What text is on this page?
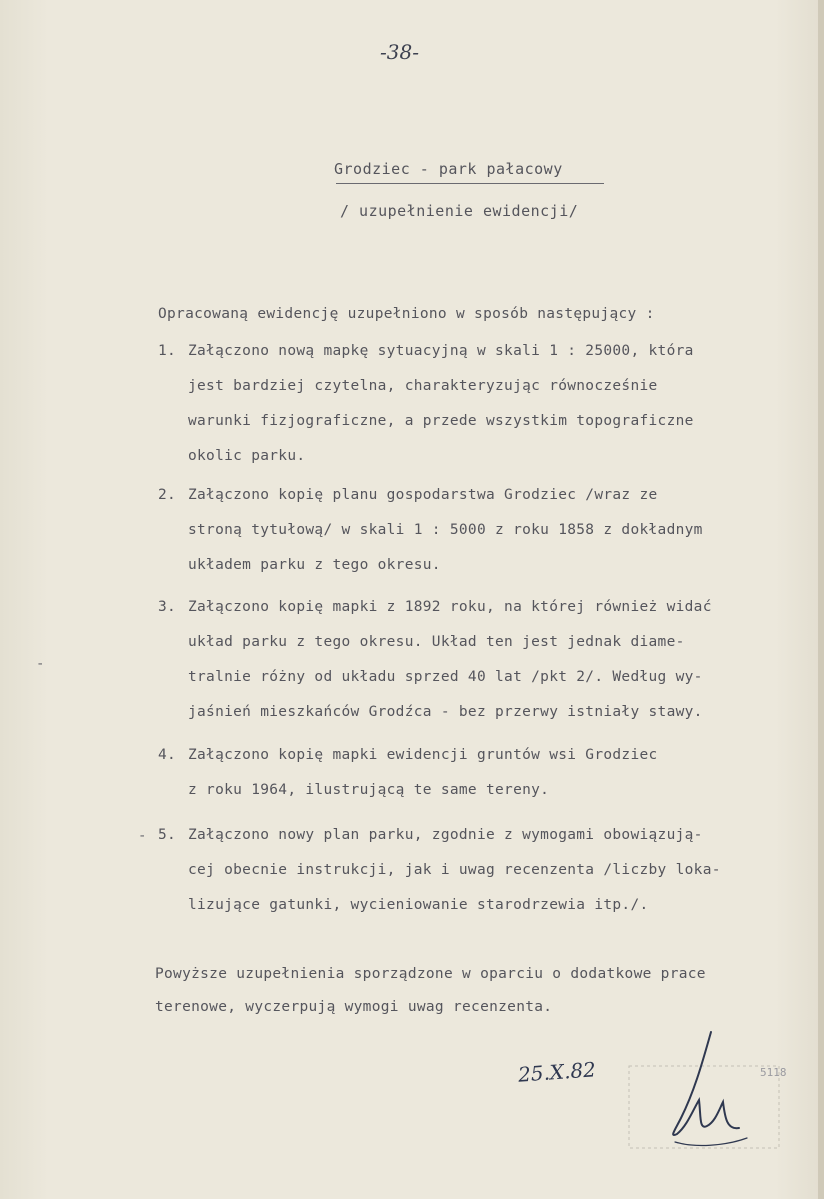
-38-
Grodziec - park pałacowy
/ uzupełnienie ewidencji/
Opracowaną ewidencję uzupełniono w sposób następujący :
1. Załączono nową mapkę sytuacyjną w skali 1 : 25000, która
jest bardziej czytelna, charakteryzując równocześnie
warunki fizjograficzne, a przede wszystkim topograficzne
okolic parku.
2. Załączono kopię planu gospodarstwa Grodziec /wraz ze
stroną tytułową/ w skali 1 : 5000 z roku 1858 z dokładnym
układem parku z tego okresu.
3. Załączono kopię mapki z 1892 roku, na której również widać
układ parku z tego okresu. Układ ten jest jednak diame-
tralnie różny od układu sprzed 40 lat /pkt 2/. Według wy-
jaśnień mieszkańców Grodźca - bez przerwy istniały stawy.
-
4. Załączono kopię mapki ewidencji gruntów wsi Grodziec
z roku 1964, ilustrującą te same tereny.
- 5. Załączono nowy plan parku, zgodnie z wymogami obowiązują-
cej obecnie instrukcji, jak i uwag recenzenta /liczby loka-
lizujące gatunki, wycieniowanie starodrzewia itp./.
Powyższe uzupełnienia sporządzone w oparciu o dodatkowe prace
terenowe, wyczerpują wymogi uwag recenzenta.
25.X.82	5118
